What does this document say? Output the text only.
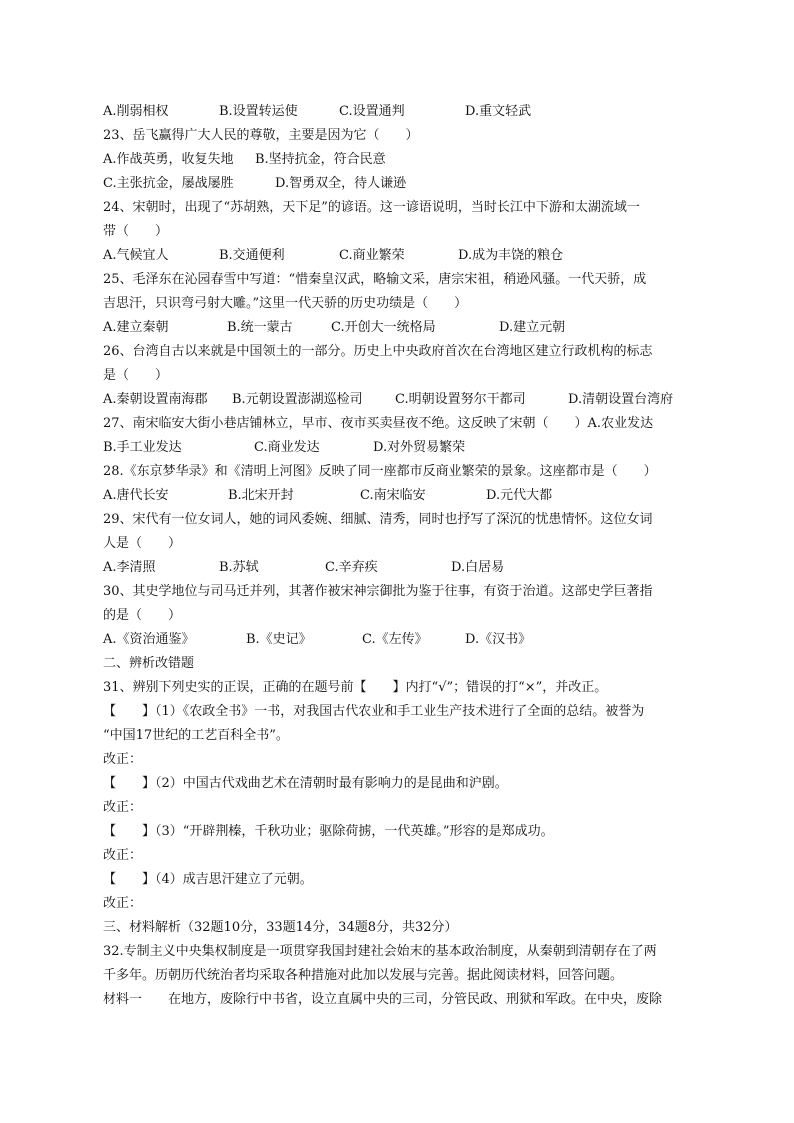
A.削弱相权	B.设置转运使	C.设置通判	D.重文轻武
23、岳飞赢得广大人民的尊敬，主要是因为它（　　）
A.作战英勇，收复失地 B.坚持抗金，符合民意
C.主张抗金，屡战屡胜	D.智勇双全，待人谦逊
24、宋朝时，出现了“苏胡熟，天下足”的谚语。这一谚语说明，当时长江中下游和太湖流域一
带（　　）
A.气候宜人	B.交通便利	C.商业繁荣	D.成为丰饶的粮仓
25、毛泽东在沁园春雪中写道：“惜秦皇汉武，略输文采，唐宗宋祖，稍逊风骚。一代天骄，成
吉思汗，只识弯弓射大雕。”这里一代天骄的历史功绩是（　　）
A.建立秦朝	B.统一蒙古	C.开创大一统格局	D.建立元朝
26、台湾自古以来就是中国领土的一部分。历史上中央政府首次在台湾地区建立行政机构的标志
是（　　）
A.秦朝设置南海郡 B.元朝设置澎湖巡检司 C.明朝设置努尔干都司	D.清朝设置台湾府
27、南宋临安大街小巷店铺林立，早市、夜市买卖昼夜不绝。这反映了宋朝（　　）A.农业发达
B.手工业发达	C.商业发达	D.对外贸易繁荣
28.《东京梦华录》和《清明上河图》反映了同一座都市反商业繁荣的景象。这座都市是（　　）
A.唐代长安	B.北宋开封	C.南宋临安	D.元代大都
29、宋代有一位女词人，她的词风委婉、细腻、清秀，同时也抒写了深沉的忧患情怀。这位女词
人是（　　）
A.李清照	B.苏轼	C.辛弃疾	D.白居易
30、其史学地位与司马迁并列，其著作被宋神宗御批为鉴于往事，有资于治道。这部史学巨著指
的是（　　）
A.《资治通鉴》	B.《史记》	C.《左传》	D.《汉书》
二、辨析改错题
31、辨别下列史实的正误，正确的在题号前【　　】内打“√”；错误的打“×”，并改正。
【　　】（1）《农政全书》一书，对我国古代农业和手工业生产技术进行了全面的总结。被誉为
“中国17世纪的工艺百科全书”。
改正：
【　　】（2）中国古代戏曲艺术在清朝时最有影响力的是昆曲和沪剧。
改正：
【　　】（3）“开辟荆榛，千秋功业；驱除荷掳，一代英雄。”形容的是郑成功。
改正：
【　　】（4）成吉思汗建立了元朝。
改正：
三、材料解析（32题10分，33题14分，34题8分，共32分）
32.专制主义中央集权制度是一项贯穿我国封建社会始末的基本政治制度，从秦朝到清朝存在了两
千多年。历朝历代统治者均采取各种措施对此加以发展与完善。据此阅读材料，回答问题。
材料一　　在地方，废除行中书省，设立直属中央的三司，分管民政、刑狱和军政。在中央，废除
